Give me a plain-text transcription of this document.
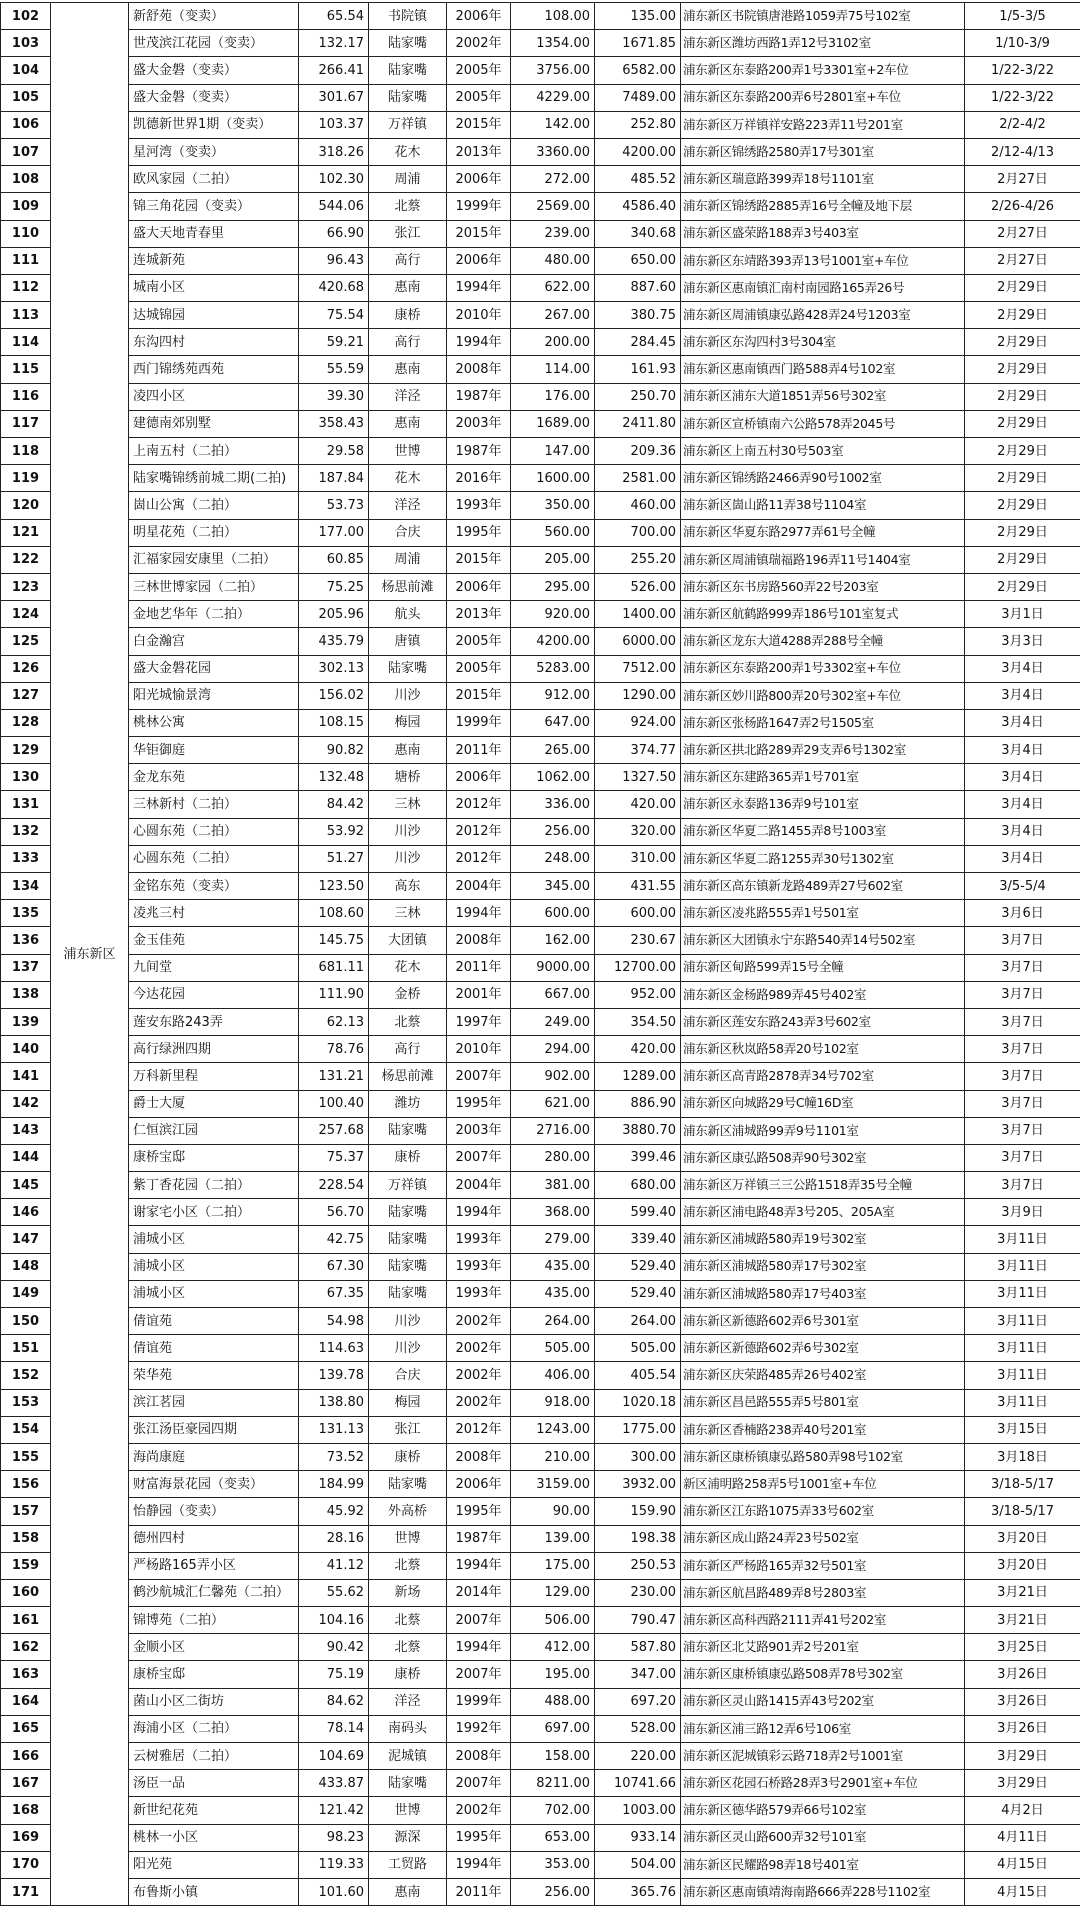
102	浦东新区	新舒苑（变卖）	65.54	书院镇	2006年	108.00	135.00	浦东新区书院镇唐港路1059弄75号102室	1/5-3/5
103		世茂滨江花园（变卖）	132.17	陆家嘴	2002年	1354.00	1671.85	浦东新区潍坊西路1弄12号3102室	1/10-3/9
104		盛大金磐（变卖）	266.41	陆家嘴	2005年	3756.00	6582.00	浦东新区东泰路200弄1号3301室+2车位	1/22-3/22
105		盛大金磐（变卖）	301.67	陆家嘴	2005年	4229.00	7489.00	浦东新区东泰路200弄6号2801室+车位	1/22-3/22
106		凯德新世界1期（变卖）	103.37	万祥镇	2015年	142.00	252.80	浦东新区万祥镇祥安路223弄11号201室	2/2-4/2
107		星河湾（变卖）	318.26	花木	2013年	3360.00	4200.00	浦东新区锦绣路2580弄17号301室	2/12-4/13
108		欧风家园（二拍）	102.30	周浦	2006年	272.00	485.52	浦东新区瑞意路399弄18号1101室	2月27日
109		锦三角花园（变卖）	544.06	北蔡	1999年	2569.00	4586.40	浦东新区锦绣路2885弄16号全幢及地下层	2/26-4/26
110		盛大天地青春里	66.90	张江	2015年	239.00	340.68	浦东新区盛荣路188弄3号403室	2月27日
111		连城新苑	96.43	高行	2006年	480.00	650.00	浦东新区东靖路393弄13号1001室+车位	2月27日
112		城南小区	420.68	惠南	1994年	622.00	887.60	浦东新区惠南镇汇南村南园路165弄26号	2月29日
113		达城锦园	75.54	康桥	2010年	267.00	380.75	浦东新区周浦镇康弘路428弄24号1203室	2月29日
114		东沟四村	59.21	高行	1994年	200.00	284.45	浦东新区东沟四村3号304室	2月29日
115		西门锦绣苑西苑	55.59	惠南	2008年	114.00	161.93	浦东新区惠南镇西门路588弄4号102室	2月29日
116		凌四小区	39.30	洋泾	1987年	176.00	250.70	浦东新区浦东大道1851弄56号302室	2月29日
117		建德南郊别墅	358.43	惠南	2003年	1689.00	2411.80	浦东新区宣桥镇南六公路578弄2045号	2月29日
118		上南五村（二拍）	29.58	世博	1987年	147.00	209.36	浦东新区上南五村30号503室	2月29日
119		陆家嘴锦绣前城二期(二拍)	187.84	花木	2016年	1600.00	2581.00	浦东新区锦绣路2466弄90号1002室	2月29日
120		崮山公寓（二拍）	53.73	洋泾	1993年	350.00	460.00	浦东新区崮山路11弄38号1104室	2月29日
121		明星花苑（二拍）	177.00	合庆	1995年	560.00	700.00	浦东新区华夏东路2977弄61号全幢	2月29日
122		汇福家园安康里（二拍）	60.85	周浦	2015年	205.00	255.20	浦东新区周浦镇瑞福路196弄11号1404室	2月29日
123		三林世博家园（二拍）	75.25	杨思前滩	2006年	295.00	526.00	浦东新区东书房路560弄22号203室	2月29日
124		金地艺华年（二拍）	205.96	航头	2013年	920.00	1400.00	浦东新区航鹤路999弄186号101室复式	3月1日
125		白金瀚宫	435.79	唐镇	2005年	4200.00	6000.00	浦东新区龙东大道4288弄288号全幢	3月3日
126		盛大金磐花园	302.13	陆家嘴	2005年	5283.00	7512.00	浦东新区东泰路200弄1号3302室+车位	3月4日
127		阳光城愉景湾	156.02	川沙	2015年	912.00	1290.00	浦东新区妙川路800弄20号302室+车位	3月4日
128		桃林公寓	108.15	梅园	1999年	647.00	924.00	浦东新区张杨路1647弄2号1505室	3月4日
129		华钜御庭	90.82	惠南	2011年	265.00	374.77	浦东新区拱北路289弄29支弄6号1302室	3月4日
130		金龙东苑	132.48	塘桥	2006年	1062.00	1327.50	浦东新区东建路365弄1号701室	3月4日
131		三林新村（二拍）	84.42	三林	2012年	336.00	420.00	浦东新区永泰路136弄9号101室	3月4日
132		心圆东苑（二拍）	53.92	川沙	2012年	256.00	320.00	浦东新区华夏二路1455弄8号1003室	3月4日
133		心圆东苑（二拍）	51.27	川沙	2012年	248.00	310.00	浦东新区华夏二路1255弄30号1302室	3月4日
134		金铭东苑（变卖）	123.50	高东	2004年	345.00	431.55	浦东新区高东镇新龙路489弄27号602室	3/5-5/4
135		凌兆三村	108.60	三林	1994年	600.00	600.00	浦东新区凌兆路555弄1号501室	3月6日
136		金玉佳苑	145.75	大团镇	2008年	162.00	230.67	浦东新区大团镇永宁东路540弄14号502室	3月7日
137		九间堂	681.11	花木	2011年	9000.00	12700.00	浦东新区甸路599弄15号全幢	3月7日
138		今达花园	111.90	金桥	2001年	667.00	952.00	浦东新区金杨路989弄45号402室	3月7日
139		莲安东路243弄	62.13	北蔡	1997年	249.00	354.50	浦东新区莲安东路243弄3号602室	3月7日
140		高行绿洲四期	78.76	高行	2010年	294.00	420.00	浦东新区秋岚路58弄20号102室	3月7日
141		万科新里程	131.21	杨思前滩	2007年	902.00	1289.00	浦东新区高青路2878弄34号702室	3月7日
142		爵士大厦	100.40	潍坊	1995年	621.00	886.90	浦东新区向城路29号C幢16D室	3月7日
143		仁恒滨江园	257.68	陆家嘴	2003年	2716.00	3880.70	浦东新区浦城路99弄9号1101室	3月7日
144		康桥宝邸	75.37	康桥	2007年	280.00	399.46	浦东新区康弘路508弄90号302室	3月7日
145		紫丁香花园（二拍）	228.54	万祥镇	2004年	381.00	680.00	浦东新区万祥镇三三公路1518弄35号全幢	3月7日
146		谢家宅小区（二拍）	56.70	陆家嘴	1994年	368.00	599.40	浦东新区浦电路48弄3号205、205A室	3月9日
147		浦城小区	42.75	陆家嘴	1993年	279.00	339.40	浦东新区浦城路580弄19号302室	3月11日
148		浦城小区	67.30	陆家嘴	1993年	435.00	529.40	浦东新区浦城路580弄17号302室	3月11日
149		浦城小区	67.35	陆家嘴	1993年	435.00	529.40	浦东新区浦城路580弄17号403室	3月11日
150		倩谊苑	54.98	川沙	2002年	264.00	264.00	浦东新区新德路602弄6号301室	3月11日
151		倩谊苑	114.63	川沙	2002年	505.00	505.00	浦东新区新德路602弄6号302室	3月11日
152		荣华苑	139.78	合庆	2002年	406.00	405.54	浦东新区庆荣路485弄26号402室	3月11日
153		滨江茗园	138.80	梅园	2002年	918.00	1020.18	浦东新区昌邑路555弄5号801室	3月11日
154		张江汤臣豪园四期	131.13	张江	2012年	1243.00	1775.00	浦东新区香楠路238弄40号201室	3月15日
155		海尚康庭	73.52	康桥	2008年	210.00	300.00	浦东新区康桥镇康弘路580弄98号102室	3月18日
156		财富海景花园（变卖）	184.99	陆家嘴	2006年	3159.00	3932.00	新区浦明路258弄5号1001室+车位	3/18-5/17
157		怡静园（变卖）	45.92	外高桥	1995年	90.00	159.90	浦东新区江东路1075弄33号602室	3/18-5/17
158		德州四村	28.16	世博	1987年	139.00	198.38	浦东新区成山路24弄23号502室	3月20日
159		严杨路165弄小区	41.12	北蔡	1994年	175.00	250.53	浦东新区严杨路165弄32号501室	3月20日
160		鹤沙航城汇仁馨苑（二拍）	55.62	新场	2014年	129.00	230.00	浦东新区航昌路489弄8号2803室	3月21日
161		锦博苑（二拍）	104.16	北蔡	2007年	506.00	790.47	浦东新区高科西路2111弄41号202室	3月21日
162		金顺小区	90.42	北蔡	1994年	412.00	587.80	浦东新区北艾路901弄2号201室	3月25日
163		康桥宝邸	75.19	康桥	2007年	195.00	347.00	浦东新区康桥镇康弘路508弄78号302室	3月26日
164		菌山小区二街坊	84.62	洋泾	1999年	488.00	697.20	浦东新区灵山路1415弄43号202室	3月26日
165		海浦小区（二拍）	78.14	南码头	1992年	697.00	528.00	浦东新区浦三路12弄6号106室	3月26日
166		云树雅居（二拍）	104.69	泥城镇	2008年	158.00	220.00	浦东新区泥城镇彩云路718弄2号1001室	3月29日
167		汤臣一品	433.87	陆家嘴	2007年	8211.00	10741.66	浦东新区花园石桥路28弄3号2901室+车位	3月29日
168		新世纪花苑	121.42	世博	2002年	702.00	1003.00	浦东新区德华路579弄66号102室	4月2日
169		桃林一小区	98.23	源深	1995年	653.00	933.14	浦东新区灵山路600弄32号101室	4月11日
170		阳光苑	119.33	工贸路	1994年	353.00	504.00	浦东新区民耀路98弄18号401室	4月15日
171		布鲁斯小镇	101.60	惠南	2011年	256.00	365.76	浦东新区惠南镇靖海南路666弄228号1102室	4月15日
